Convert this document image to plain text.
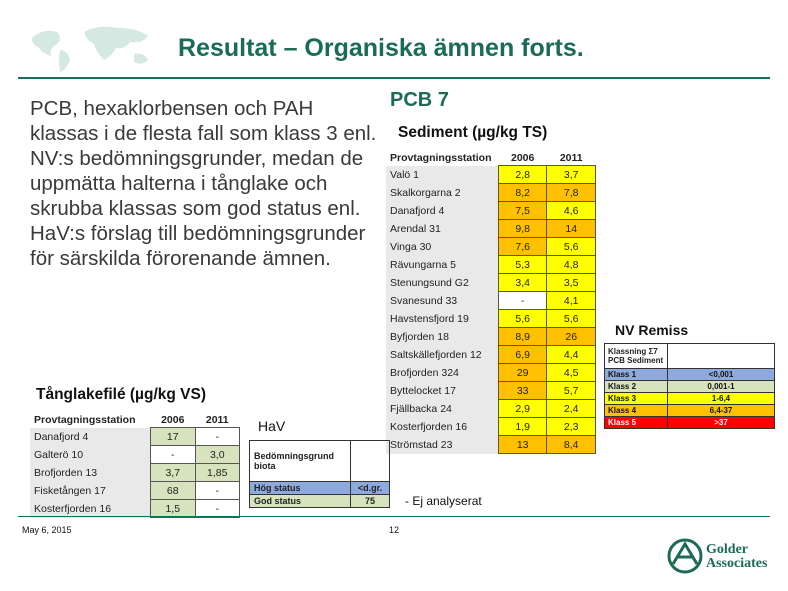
Resultat – Organiska ämnen forts.
PCB, hexaklorbensen och PAH klassas i de flesta fall som klass 3 enl. NV:s bedömningsgrunder, medan de uppmätta halterna i tånglake och skrubba klassas som god status enl. HaV:s förslag till bedömningsgrunder för särskilda förorenande ämnen.
PCB 7
Sediment (µg/kg TS)
Provtagningsstation	2006	2011
Valö 1	2,8	3,7
Skalkorgarna 2	8,2	7,8
Danafjord 4	7,5	4,6
Arendal 31	9,8	14
Vinga 30	7,6	5,6
Rävungarna 5	5,3	4,8
Stenungsund G2	3,4	3,5
Svanesund 33	-	4,1
Havstensfjord 19	5,6	5,6
Byfjorden 18	8,9	26
Saltskällefjorden 12	6,9	4,4
Brofjorden 324	29	4,5
Byttelocket 17	33	5,7
Fjällbacka 24	2,9	2,4
Kosterfjorden 16	1,9	2,3
Strömstad 23	13	8,4
Tånglakefilé (µg/kg VS)
Provtagningsstation	2006	2011
Danafjord 4	17	-
Galterö 10	-	3,0
Brofjorden 13	3,7	1,85
Fisketången 17	68	-
Kosterfjorden 16	1,5	-
HaV
Bedömningsgrund
biota	

Hög status	<d.gr.
God status	75
NV Remiss
Klassning Σ7
PCB Sediment	

Klass 1	<0,001
Klass 2	0,001-1
Klass 3	1-6,4
Klass 4	6,4-37
Klass 5	>37
- Ej analyserat
May 6, 2015	12
Golder
Associates
